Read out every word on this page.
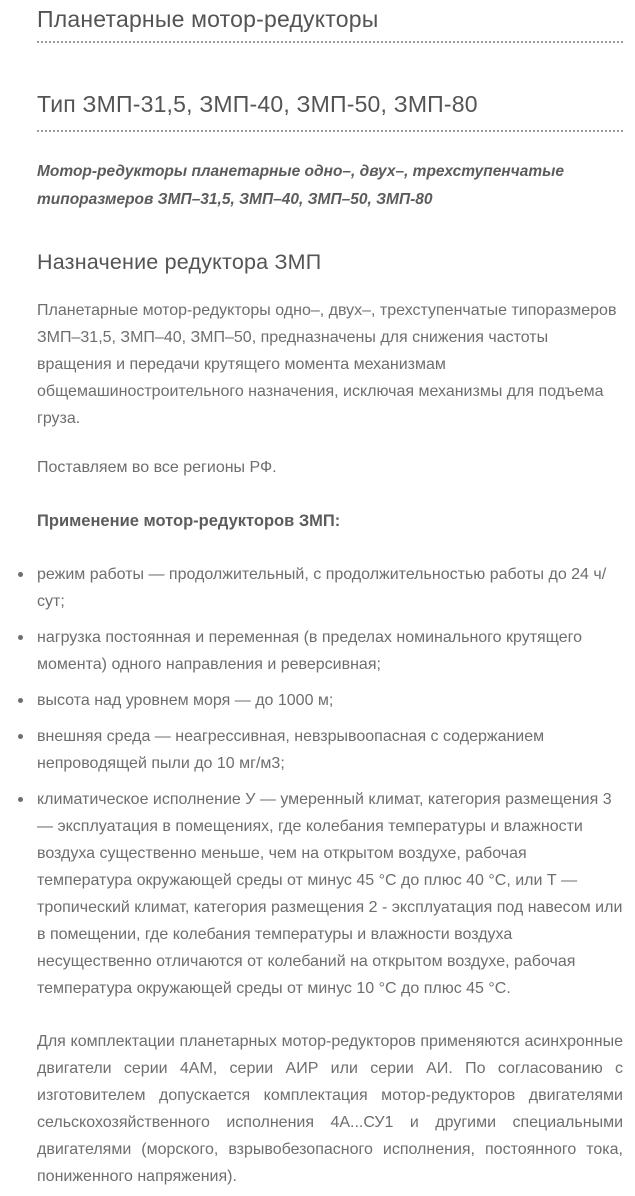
Планетарные мотор-редукторы
Тип ЗМП-31,5, ЗМП-40, ЗМП-50, ЗМП-80

Мотор-редукторы планетарные одно–, двух–, трехступенчатые типоразмеров ЗМП–31,5, ЗМП–40, ЗМП–50, ЗМП-80

Назначение редуктора ЗМП

Планетарные мотор-редукторы одно–, двух–, трехступенчатые типоразмеров ЗМП–31,5, ЗМП–40, ЗМП–50, предназначены для снижения частоты вращения и передачи крутящего момента механизмам общемашиностроительного назначения, исключая механизмы для подъема груза.

Поставляем во все регионы РФ.

Применение мотор-редукторов ЗМП:

режим работы — продолжительный, с продолжительностью работы до 24 ч/сут;
нагрузка постоянная и переменная (в пределах номинального крутящего момента) одного направления и реверсивная;
высота над уровнем моря — до 1000 м;
внешняя среда — неагрессивная, невзрывоопасная с содержанием непроводящей пыли до 10 мг/м3;
климатическое исполнение У — умеренный климат, категория размещения 3 — эксплуатация в помещениях, где колебания температуры и влажности воздуха существенно меньше, чем на открытом воздухе, рабочая температура окружающей среды от минус 45 °С до плюс 40 °С, или Т — тропический климат, категория размещения 2 - эксплуатация под навесом или в помещении, где колебания температуры и влажности воздуха несущественно отличаются от колебаний на открытом воздухе, рабочая температура окружающей среды от минус 10 °С до плюс 45 °С.

Для комплектации планетарных мотор-редукторов применяются асинхронные двигатели серии 4АМ, серии АИР или серии АИ. По согласованию с изготовителем допускается комплектация мотор-редукторов двигателями сельскохозяйственного исполнения 4А...СУ1 и другими специальными двигателями (морского, взрывобезопасного исполнения, постоянного тока, пониженного напряжения).
